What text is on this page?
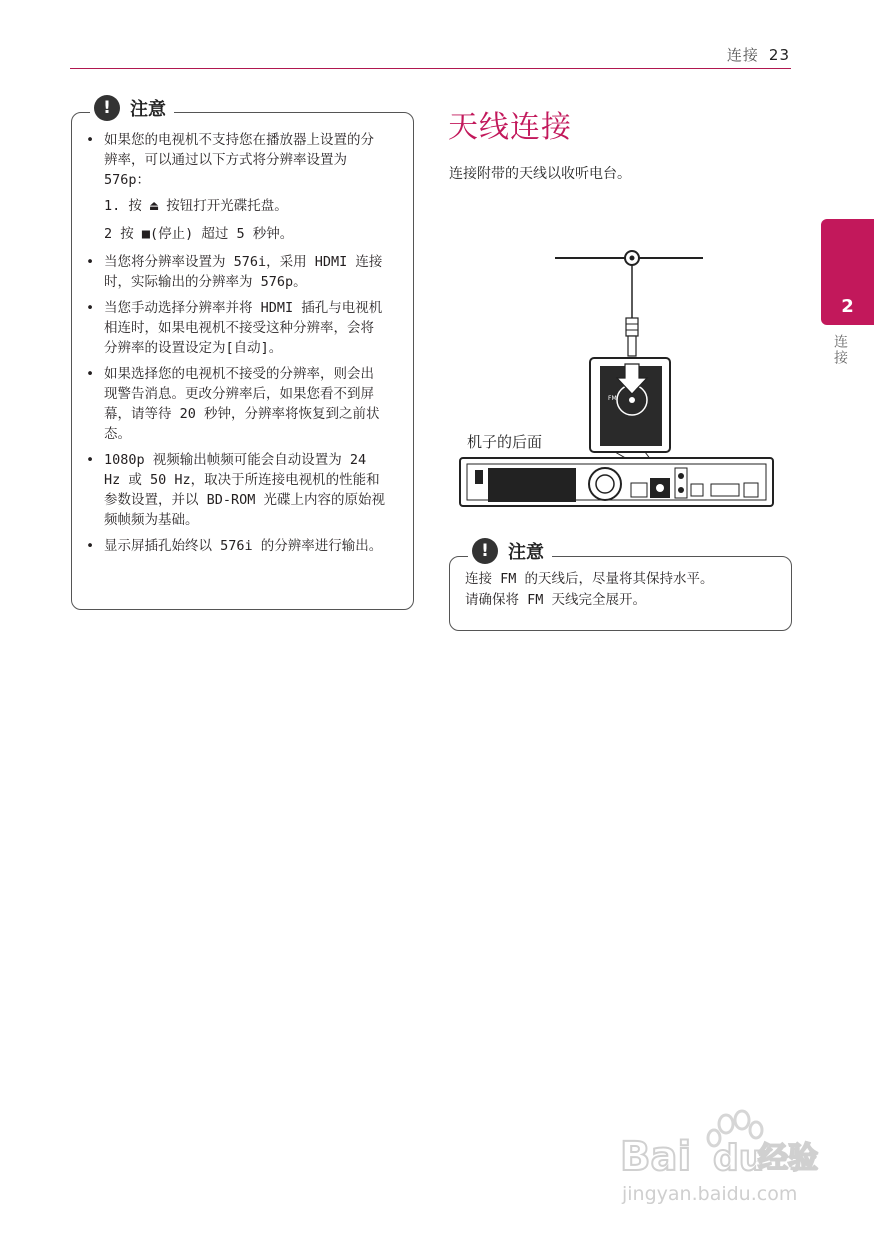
连接 23
2
连接
!	注意
• 如果您的电视机不支持您在播放器上设置的分辨率，可以通过以下方式将分辨率设置为 576p：
1. 按 ⏏ 按钮打开光碟托盘。
2 按 ■(停止) 超过 5 秒钟。
• 当您将分辨率设置为 576i，采用 HDMI 连接时，实际输出的分辨率为 576p。
• 当您手动选择分辨率并将 HDMI 插孔与电视机相连时，如果电视机不接受这种分辨率，会将分辨率的设置设定为[自动]。
• 如果选择您的电视机不接受的分辨率，则会出现警告消息。更改分辨率后，如果您看不到屏幕，请等待 20 秒钟，分辨率将恢复到之前状态。
• 1080p 视频输出帧频可能会自动设置为 24 Hz 或 50 Hz，取决于所连接电视机的性能和参数设置，并以 BD-ROM 光碟上内容的原始视频帧频为基础。
• 显示屏插孔始终以 576i 的分辨率进行输出。
天线连接
连接附带的天线以收听电台。
FM
机子的后面
连接 FM 的天线后，尽量将其保持水平。
请确保将 FM 天线完全展开。
!	注意
Bai du
经验
jingyan.baidu.com
